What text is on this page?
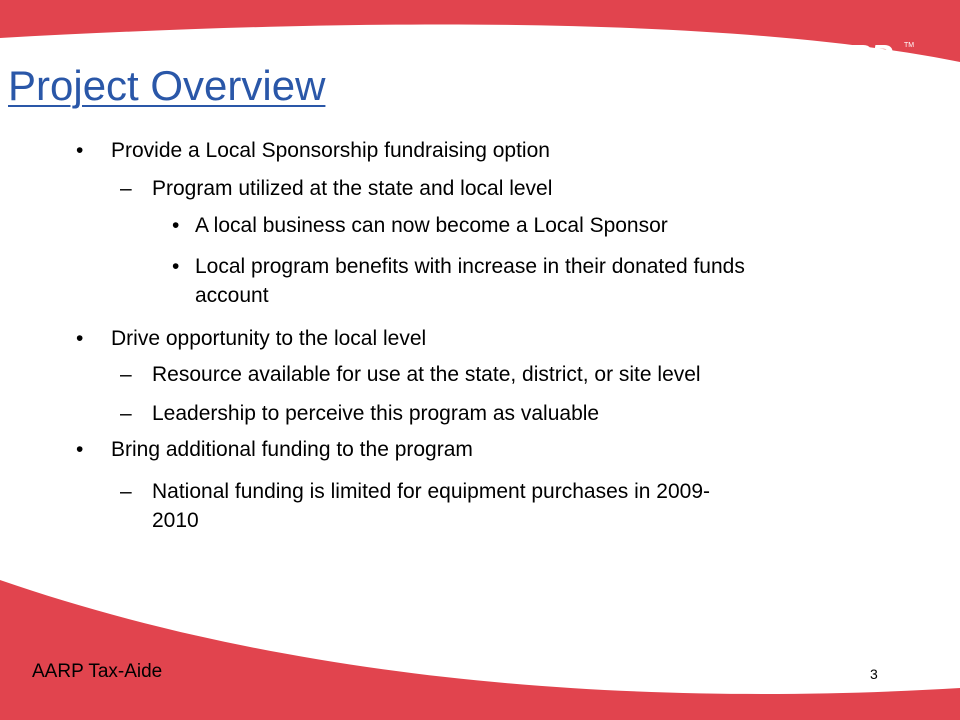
AARP TM
FOUNDATION
Project Overview
• Provide a Local Sponsorship fundraising option
– Program utilized at the state and local level
• A local business can now become a Local Sponsor
• Local program benefits with increase in their donated funds
account
• Drive opportunity to the local level
– Resource available for use at the state, district, or site level
– Leadership to perceive this program as valuable
• Bring additional funding to the program
– National funding is limited for equipment purchases in 2009-
2010
AARP Tax-Aide	3
